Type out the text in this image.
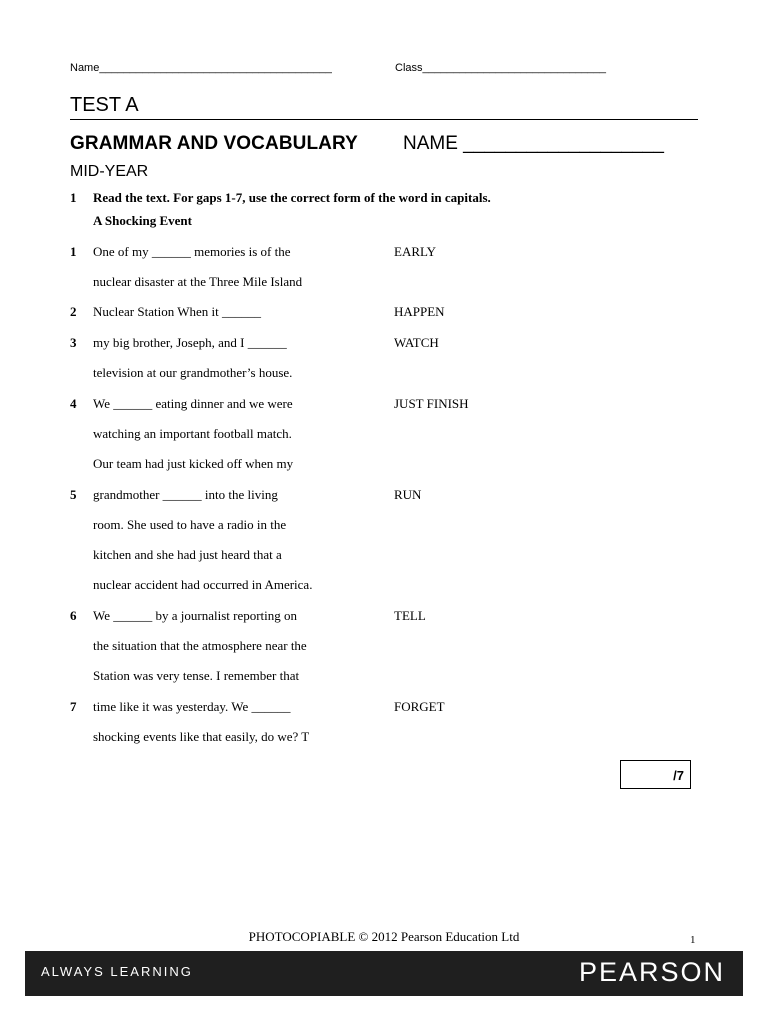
Name______________________________________	Class______________________________
TEST A
GRAMMAR AND VOCABULARY NAME ___________________
MID-YEAR
1 Read the text. For gaps 1-7, use the correct form of the word in capitals.
A Shocking Event
1 One of my ______ memories is of the	EARLY
nuclear disaster at the Three Mile Island
2 Nuclear Station When it ______	HAPPEN
3 my big brother, Joseph, and I ______	WATCH
television at our grandmother’s house.
4 We ______ eating dinner and we were	JUST FINISH
watching an important football match.
Our team had just kicked off when my
5 grandmother ______ into the living	RUN
room. She used to have a radio in the
kitchen and she had just heard that a
nuclear accident had occurred in America.
6 We ______ by a journalist reporting on	TELL
the situation that the atmosphere near the
Station was very tense. I remember that
7 time like it was yesterday. We ______	FORGET
shocking events like that easily, do we? T
/7
PHOTOCOPIABLE © 2012 Pearson Education Ltd	1
ALWAYS LEARNING	PEARSON
